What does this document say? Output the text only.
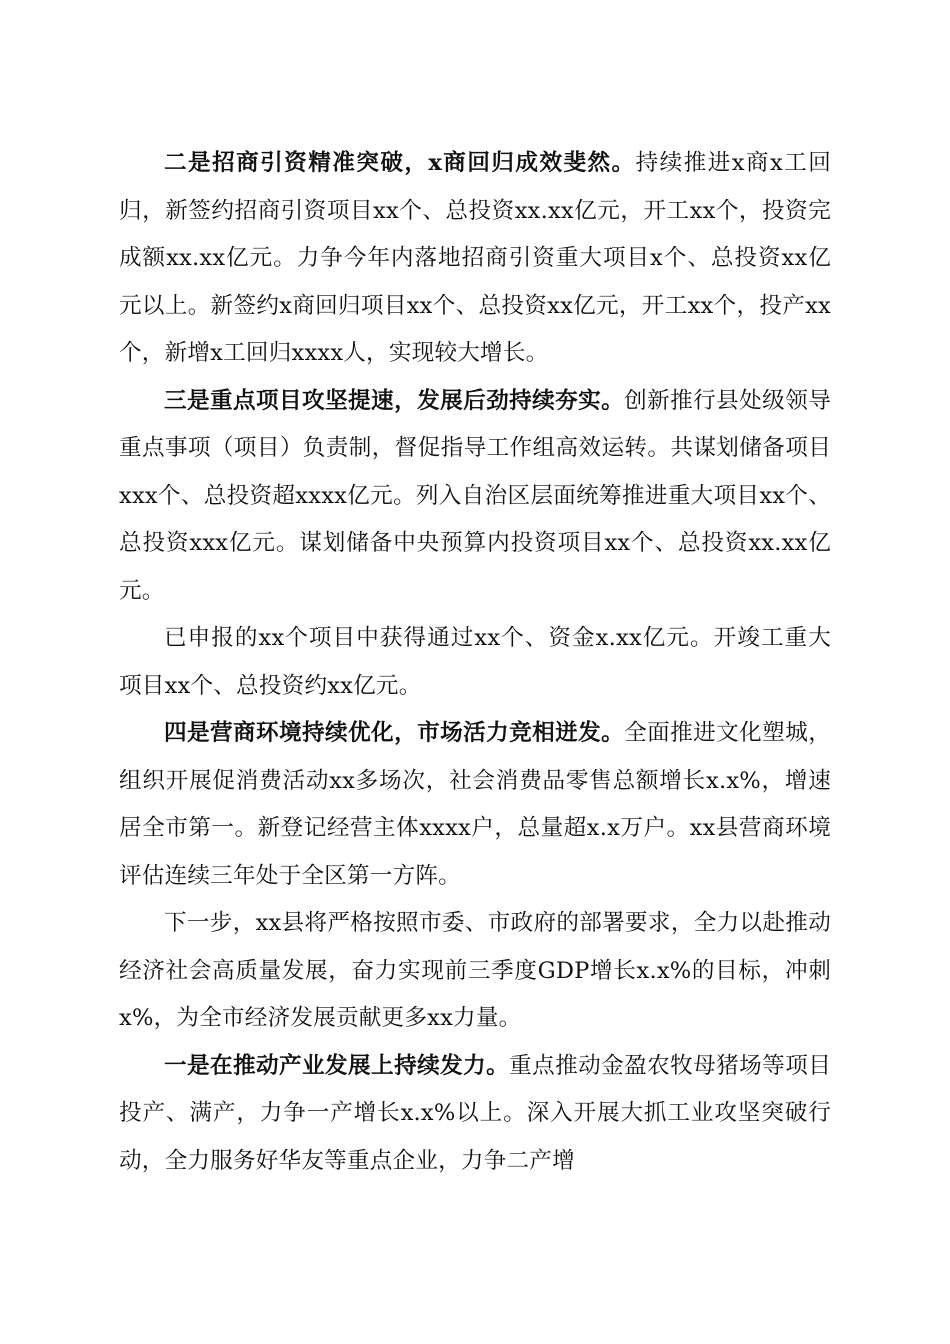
二是招商引资精准突破，x商回归成效斐然。持续推进x商x工回归，新签约招商引资项目xx个、总投资xx.xx亿元，开工xx个，投资完成额xx.xx亿元。力争今年内落地招商引资重大项目x个、总投资xx亿元以上。新签约x商回归项目xx个、总投资xx亿元，开工xx个，投产xx个，新增x工回归xxxx人，实现较大增长。

三是重点项目攻坚提速，发展后劲持续夯实。创新推行县处级领导重点事项（项目）负责制，督促指导工作组高效运转。共谋划储备项目xxx个、总投资超xxxx亿元。列入自治区层面统筹推进重大项目xx个、总投资xxx亿元。谋划储备中央预算内投资项目xx个、总投资xx.xx亿元。

已申报的xx个项目中获得通过xx个、资金x.xx亿元。开竣工重大项目xx个、总投资约xx亿元。

四是营商环境持续优化，市场活力竞相迸发。全面推进文化塑城，组织开展促消费活动xx多场次，社会消费品零售总额增长x.x%，增速居全市第一。新登记经营主体xxxx户，总量超x.x万户。xx县营商环境评估连续三年处于全区第一方阵。

下一步，xx县将严格按照市委、市政府的部署要求，全力以赴推动经济社会高质量发展，奋力实现前三季度GDP增长x.x%的目标，冲刺x%，为全市经济发展贡献更多xx力量。

一是在推动产业发展上持续发力。重点推动金盈农牧母猪场等项目投产、满产，力争一产增长x.x%以上。深入开展大抓工业攻坚突破行动，全力服务好华友等重点企业，力争二产增
